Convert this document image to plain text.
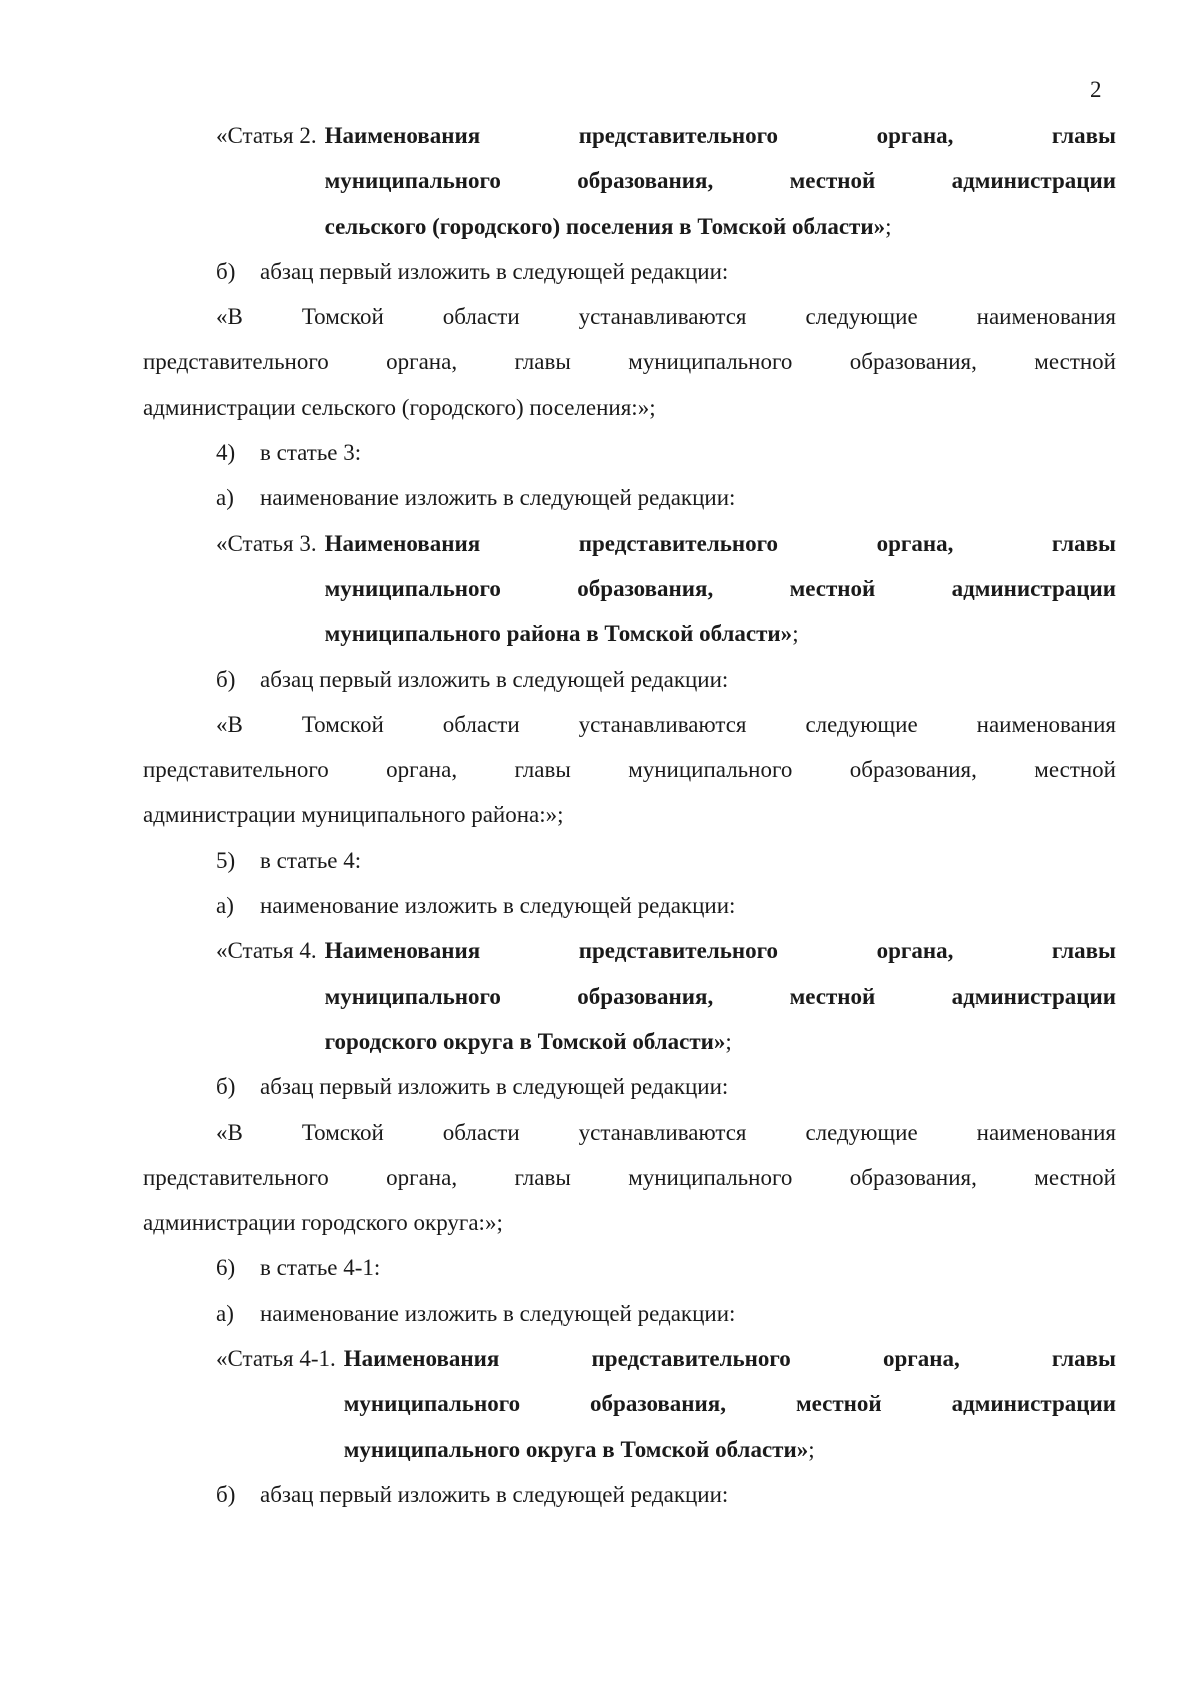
2
«Статья 2. Наименования представительного органа, главы
муниципального образования, местной администрации
сельского (городского) поселения в Томской области»;

б) абзац первый изложить в следующей редакции:

«В Томской области устанавливаются следующие наименования
представительного органа, главы муниципального образования, местной
администрации сельского (городского) поселения:»;

4) в статье 3:

а) наименование изложить в следующей редакции:

«Статья 3. Наименования представительного органа, главы
муниципального образования, местной администрации
муниципального района в Томской области»;

б) абзац первый изложить в следующей редакции:

«В Томской области устанавливаются следующие наименования
представительного органа, главы муниципального образования, местной
администрации муниципального района:»;

5) в статье 4:

а) наименование изложить в следующей редакции:

«Статья 4. Наименования представительного органа, главы
муниципального образования, местной администрации
городского округа в Томской области»;

б) абзац первый изложить в следующей редакции:

«В Томской области устанавливаются следующие наименования
представительного органа, главы муниципального образования, местной
администрации городского округа:»;

6) в статье 4-1:

а) наименование изложить в следующей редакции:

«Статья 4-1. Наименования представительного органа, главы
муниципального образования, местной администрации
муниципального округа в Томской области»;

б) абзац первый изложить в следующей редакции:
